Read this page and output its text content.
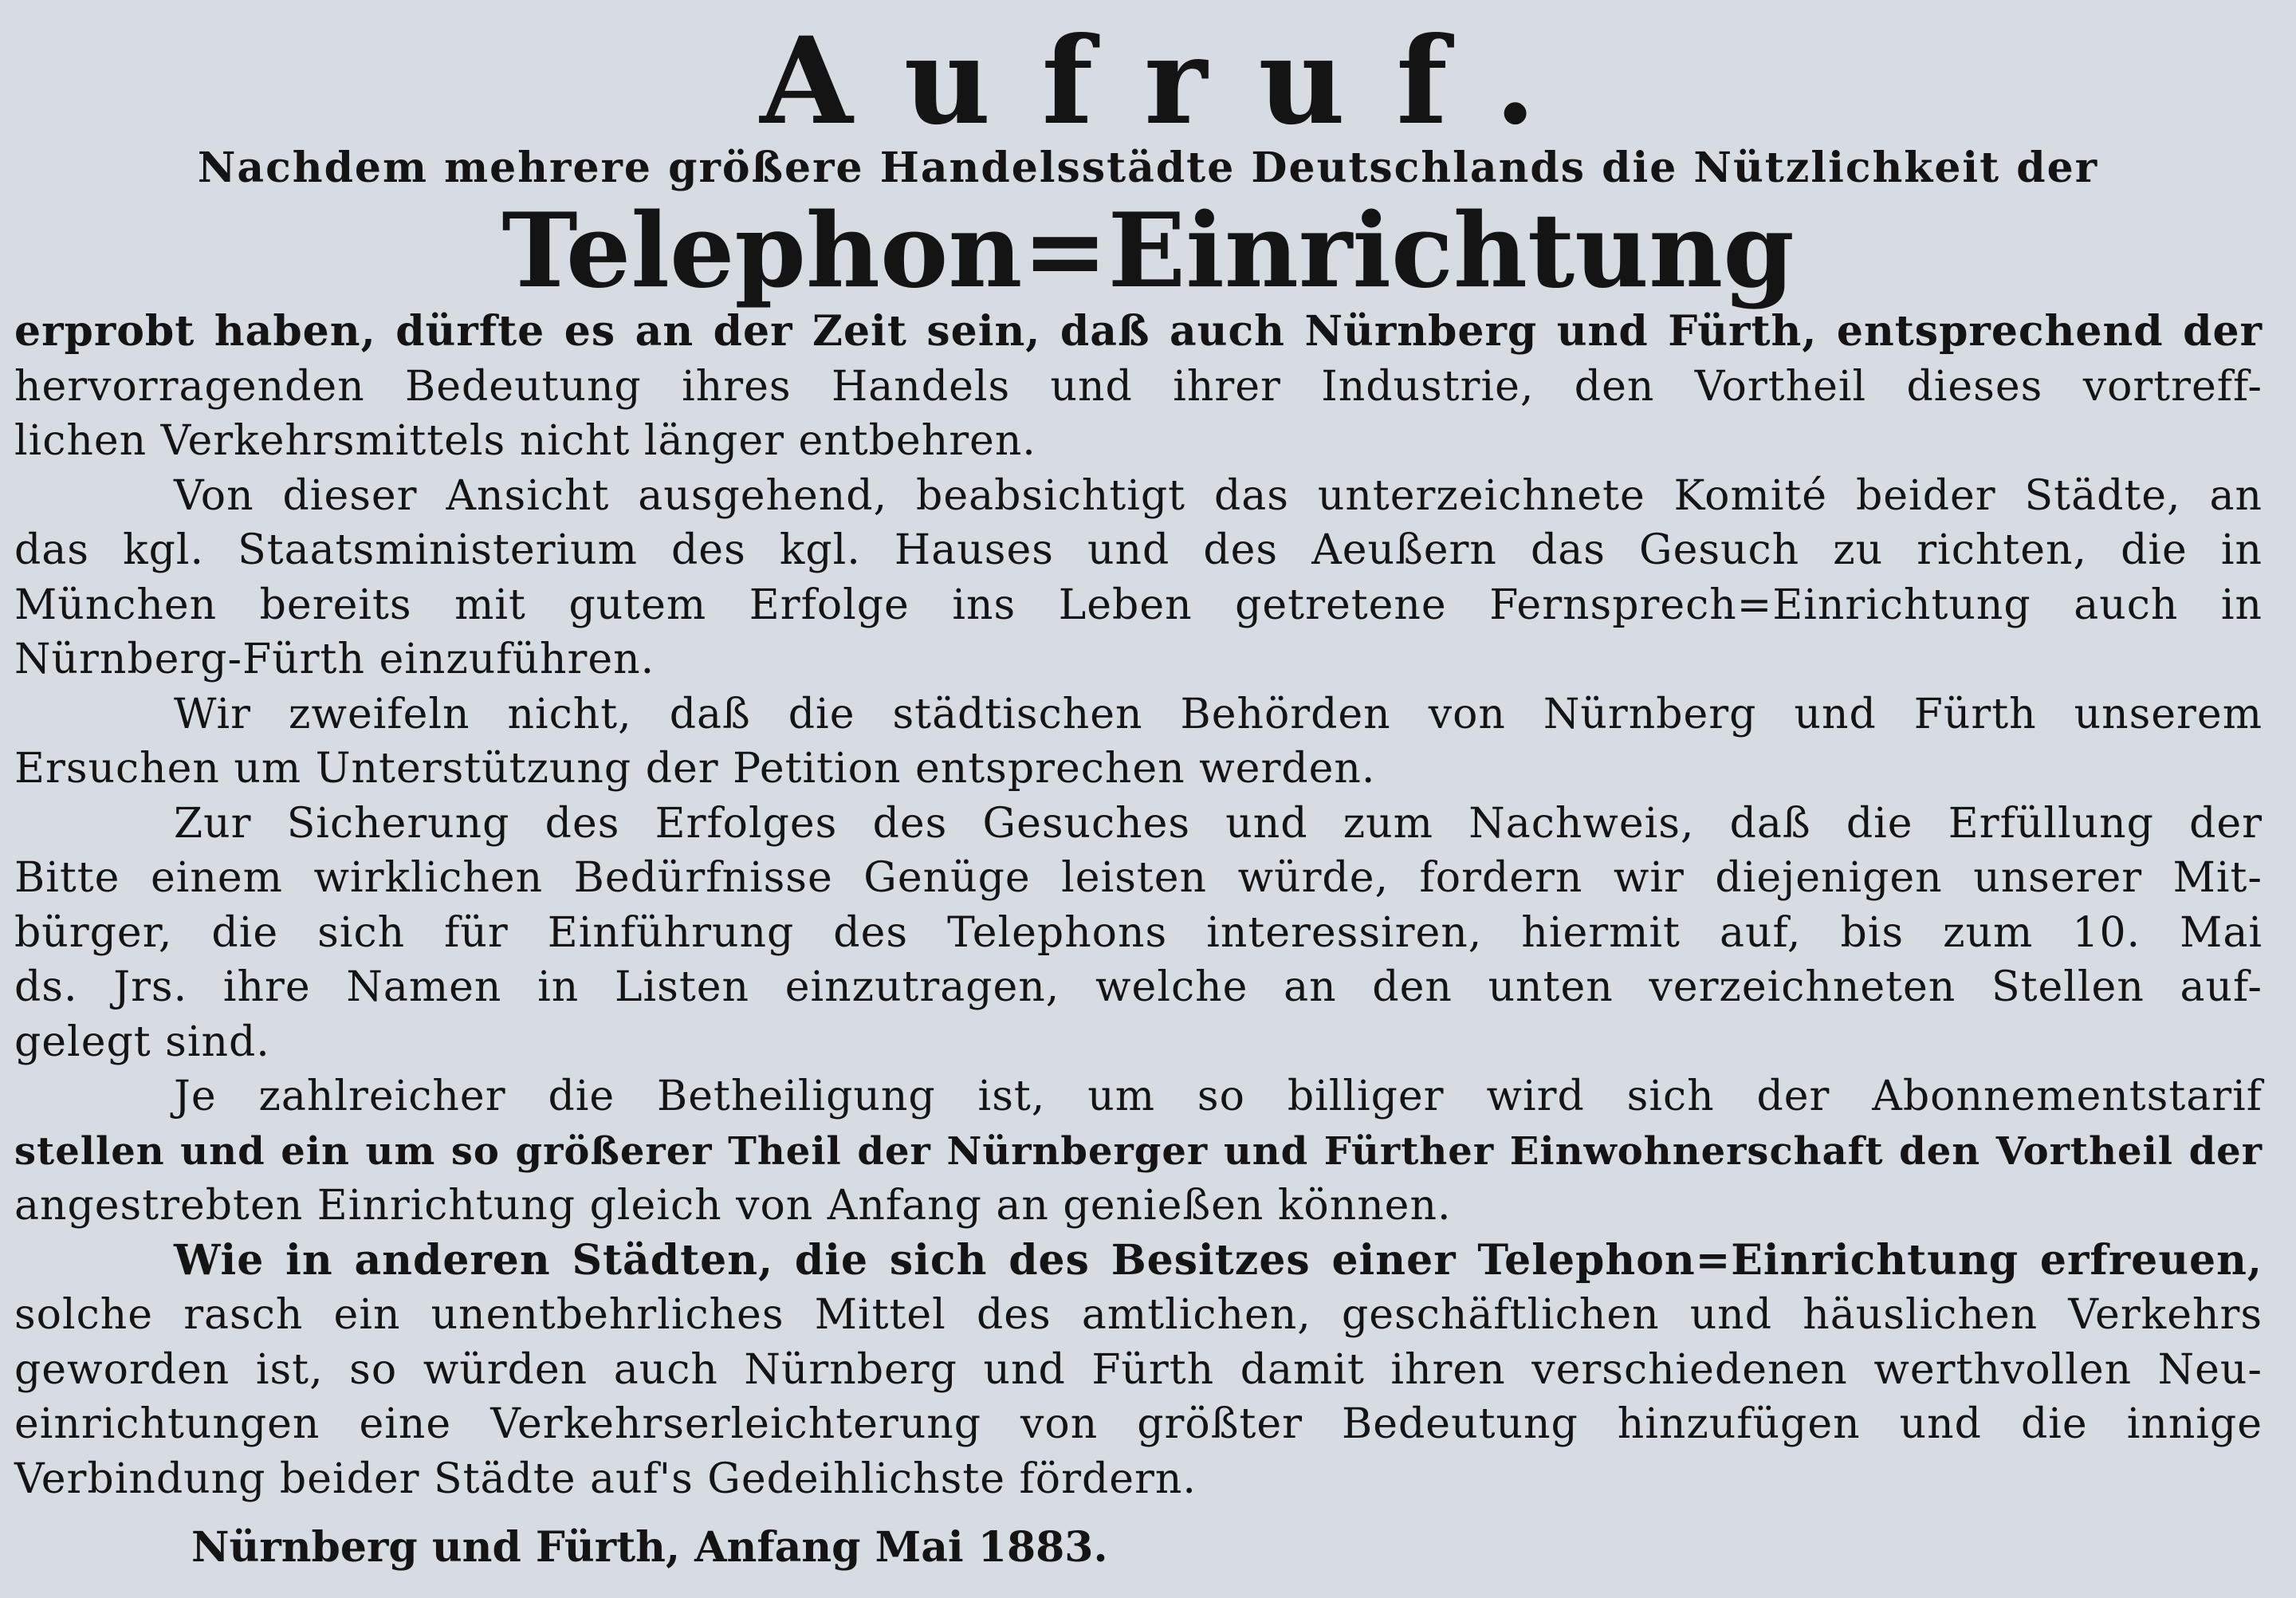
Aufruf.
Nachdem mehrere größere Handelsstädte Deutschlands die Nützlichkeit der
Telephon=Einrichtung
erprobt haben, dürfte es an der Zeit sein, daß auch Nürnberg und Fürth, entsprechend der
hervorragenden Bedeutung ihres Handels und ihrer Industrie, den Vortheil dieses vortreff-
lichen Verkehrsmittels nicht länger entbehren.
Von dieser Ansicht ausgehend, beabsichtigt das unterzeichnete Komité beider Städte, an
das kgl. Staatsministerium des kgl. Hauses und des Aeußern das Gesuch zu richten, die in
München bereits mit gutem Erfolge ins Leben getretene Fernsprech=Einrichtung auch in
Nürnberg-Fürth einzuführen.
Wir zweifeln nicht, daß die städtischen Behörden von Nürnberg und Fürth unserem
Ersuchen um Unterstützung der Petition entsprechen werden.
Zur Sicherung des Erfolges des Gesuches und zum Nachweis, daß die Erfüllung der
Bitte einem wirklichen Bedürfnisse Genüge leisten würde, fordern wir diejenigen unserer Mit-
bürger, die sich für Einführung des Telephons interessiren, hiermit auf, bis zum 10. Mai
ds. Jrs. ihre Namen in Listen einzutragen, welche an den unten verzeichneten Stellen auf-
gelegt sind.
Je zahlreicher die Betheiligung ist, um so billiger wird sich der Abonnementstarif
stellen und ein um so größerer Theil der Nürnberger und Fürther Einwohnerschaft den Vortheil der
angestrebten Einrichtung gleich von Anfang an genießen können.
Wie in anderen Städten, die sich des Besitzes einer Telephon=Einrichtung erfreuen,
solche rasch ein unentbehrliches Mittel des amtlichen, geschäftlichen und häuslichen Verkehrs
geworden ist, so würden auch Nürnberg und Fürth damit ihren verschiedenen werthvollen Neu-
einrichtungen eine Verkehrserleichterung von größter Bedeutung hinzufügen und die innige
Verbindung beider Städte auf's Gedeihlichste fördern.
Nürnberg und Fürth, Anfang Mai 1883.
